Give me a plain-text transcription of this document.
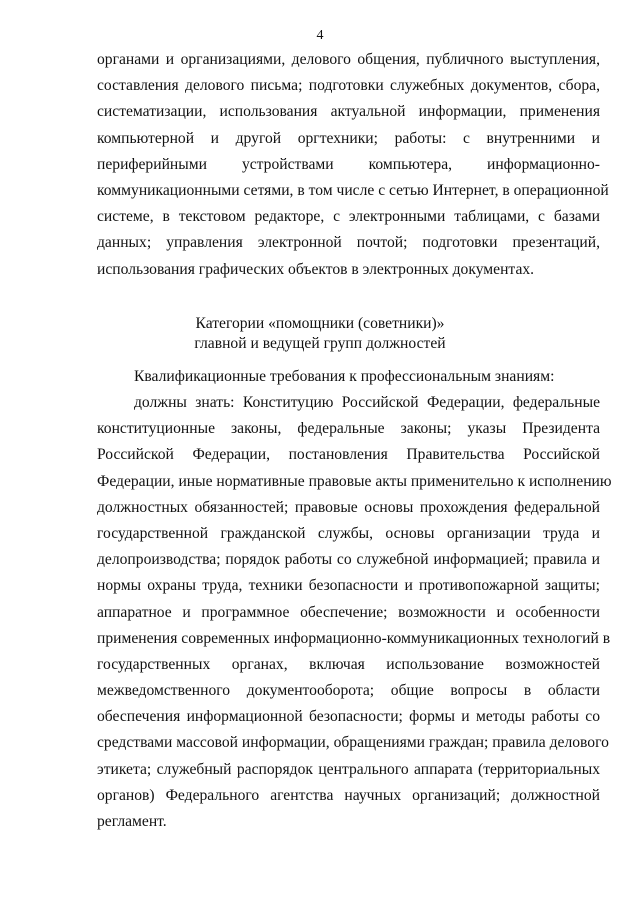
4
органами и организациями, делового общения, публичного выступления,
составления делового письма; подготовки служебных документов, сбора,
систематизации, использования актуальной информации, применения
компьютерной и другой оргтехники; работы: с внутренними и
периферийными устройствами компьютера, информационно-
коммуникационными сетями, в том числе с сетью Интернет, в операционной
системе, в текстовом редакторе, с электронными таблицами, с базами
данных; управления электронной почтой; подготовки презентаций,
использования графических объектов в электронных документах.
Категории «помощники (советники)»
главной и ведущей групп должностей
Квалификационные требования к профессиональным знаниям:
должны знать: Конституцию Российской Федерации, федеральные
конституционные законы, федеральные законы; указы Президента
Российской Федерации, постановления Правительства Российской
Федерации, иные нормативные правовые акты применительно к исполнению
должностных обязанностей; правовые основы прохождения федеральной
государственной гражданской службы, основы организации труда и
делопроизводства; порядок работы со служебной информацией; правила и
нормы охраны труда, техники безопасности и противопожарной защиты;
аппаратное и программное обеспечение; возможности и особенности
применения современных информационно-коммуникационных технологий в
государственных органах, включая использование возможностей
межведомственного документооборота; общие вопросы в области
обеспечения информационной безопасности; формы и методы работы со
средствами массовой информации, обращениями граждан; правила делового
этикета; служебный распорядок центрального аппарата (территориальных
органов) Федерального агентства научных организаций; должностной
регламент.
